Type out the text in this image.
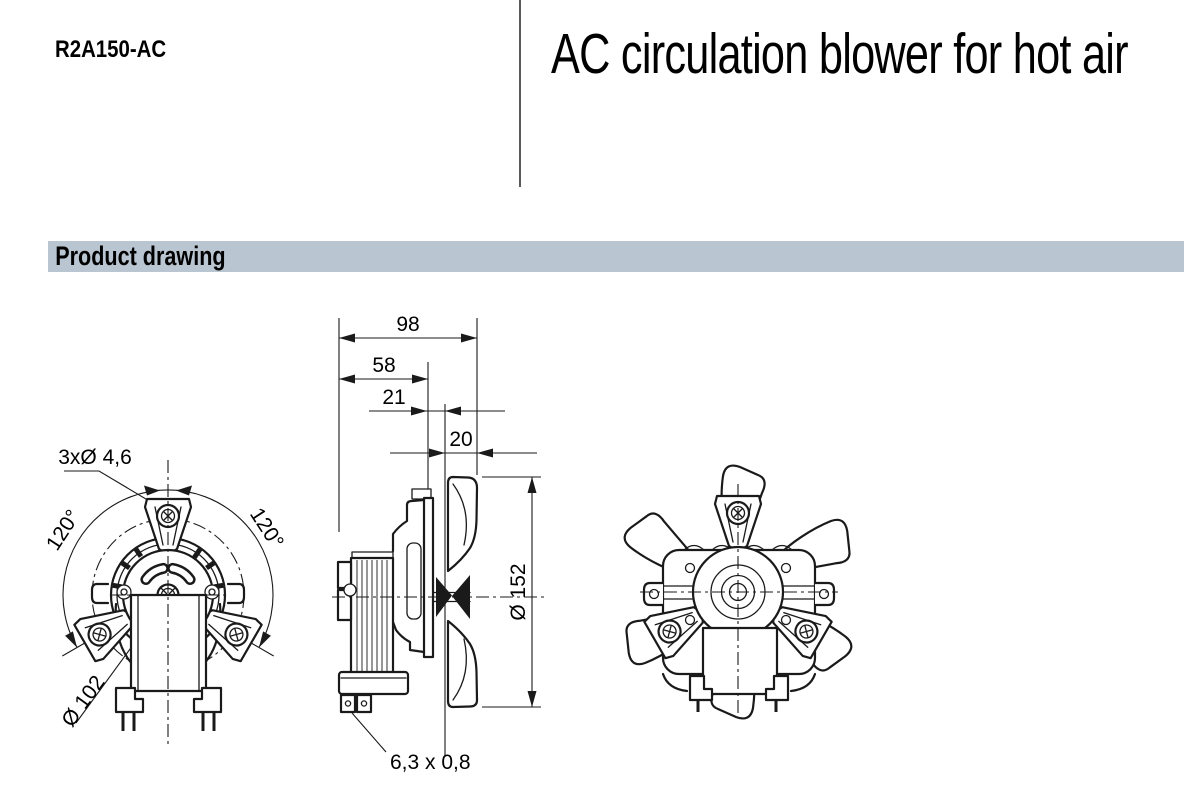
R2A150-AC	AC circulation blower for hot air
Product drawing
3xØ 4,6
120°	120°
Ø 102
98
58
21
20
Ø 152
6,3 x 0,8
